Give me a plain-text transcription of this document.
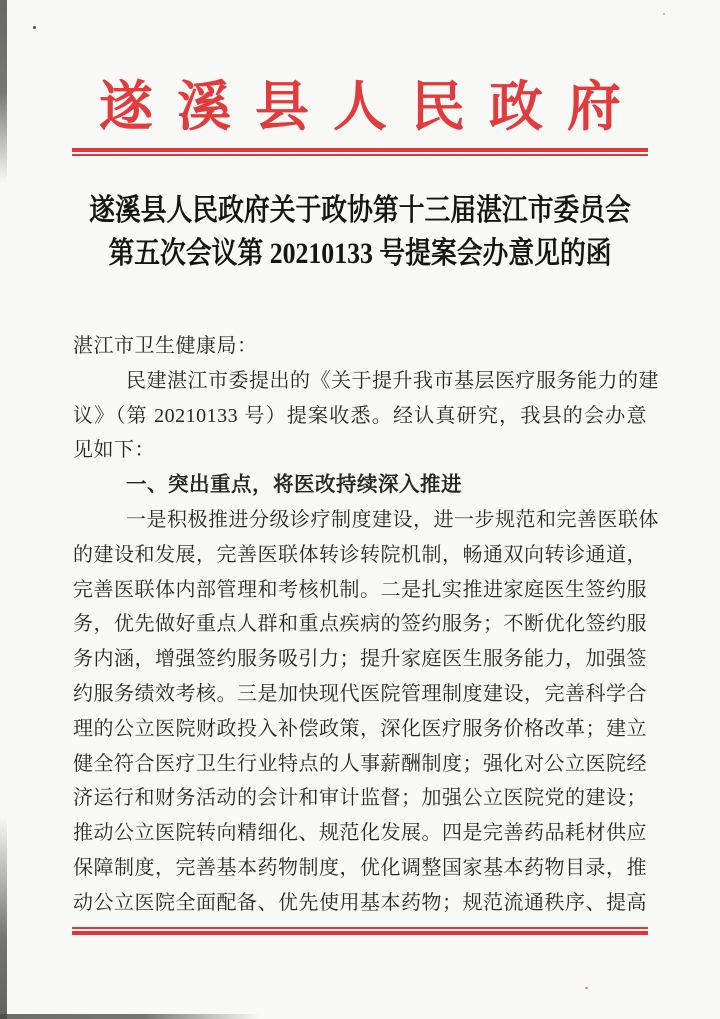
遂溪县人民政府
遂溪县人民政府关于政协第十三届湛江市委员会
第五次会议第 20210133 号提案会办意见的函
湛江市卫生健康局：
民建湛江市委提出的《关于提升我市基层医疗服务能力的建
议》（第 20210133 号）提案收悉。经认真研究，我县的会办意
见如下：
一、突出重点，将医改持续深入推进
一是积极推进分级诊疗制度建设，进一步规范和完善医联体
的建设和发展，完善医联体转诊转院机制，畅通双向转诊通道，
完善医联体内部管理和考核机制。二是扎实推进家庭医生签约服
务，优先做好重点人群和重点疾病的签约服务；不断优化签约服
务内涵，增强签约服务吸引力；提升家庭医生服务能力，加强签
约服务绩效考核。三是加快现代医院管理制度建设，完善科学合
理的公立医院财政投入补偿政策，深化医疗服务价格改革；建立
健全符合医疗卫生行业特点的人事薪酬制度；强化对公立医院经
济运行和财务活动的会计和审计监督；加强公立医院党的建设；
推动公立医院转向精细化、规范化发展。四是完善药品耗材供应
保障制度，完善基本药物制度，优化调整国家基本药物目录，推
动公立医院全面配备、优先使用基本药物；规范流通秩序、提高
